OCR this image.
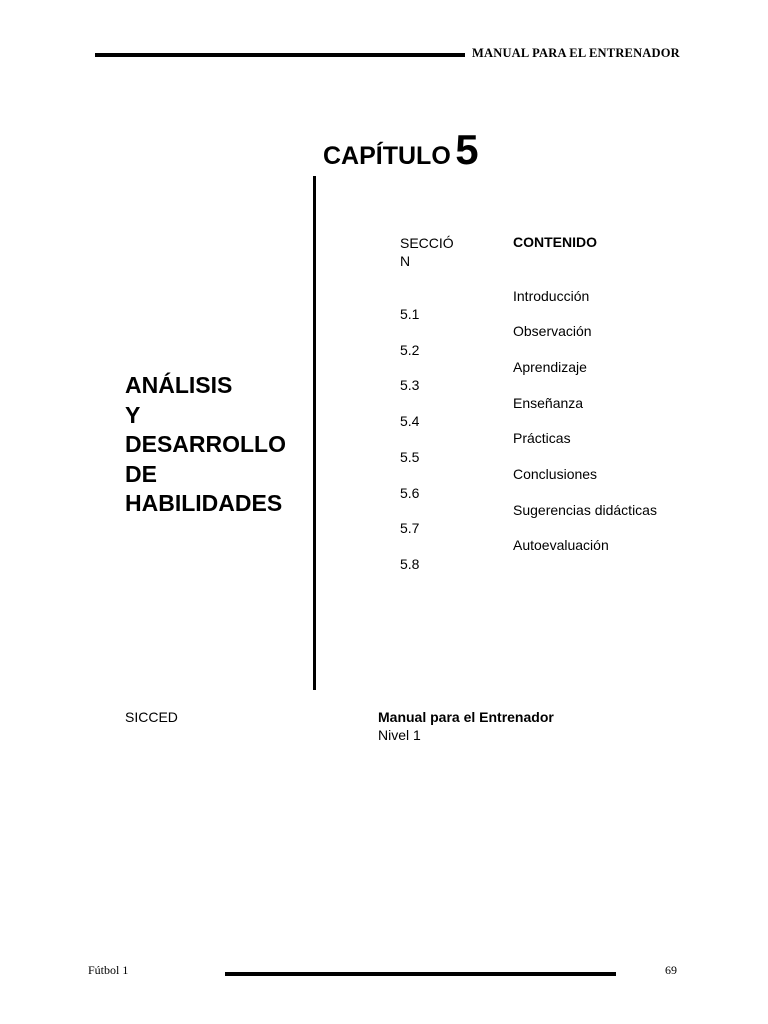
MANUAL PARA EL ENTRENADOR
CAPÍTULO 5
ANÁLISIS
Y
DESARROLLO
DE
HABILIDADES
SECCIÓN
CONTENIDO
5.1
5.2
5.3
5.4
5.5
5.6
5.7
5.8
Introducción
Observación
Aprendizaje
Enseñanza
Prácticas
Conclusiones
Sugerencias didácticas
Autoevaluación
SICCED	Manual para el Entrenador
Nivel 1
Fútbol 1	69
